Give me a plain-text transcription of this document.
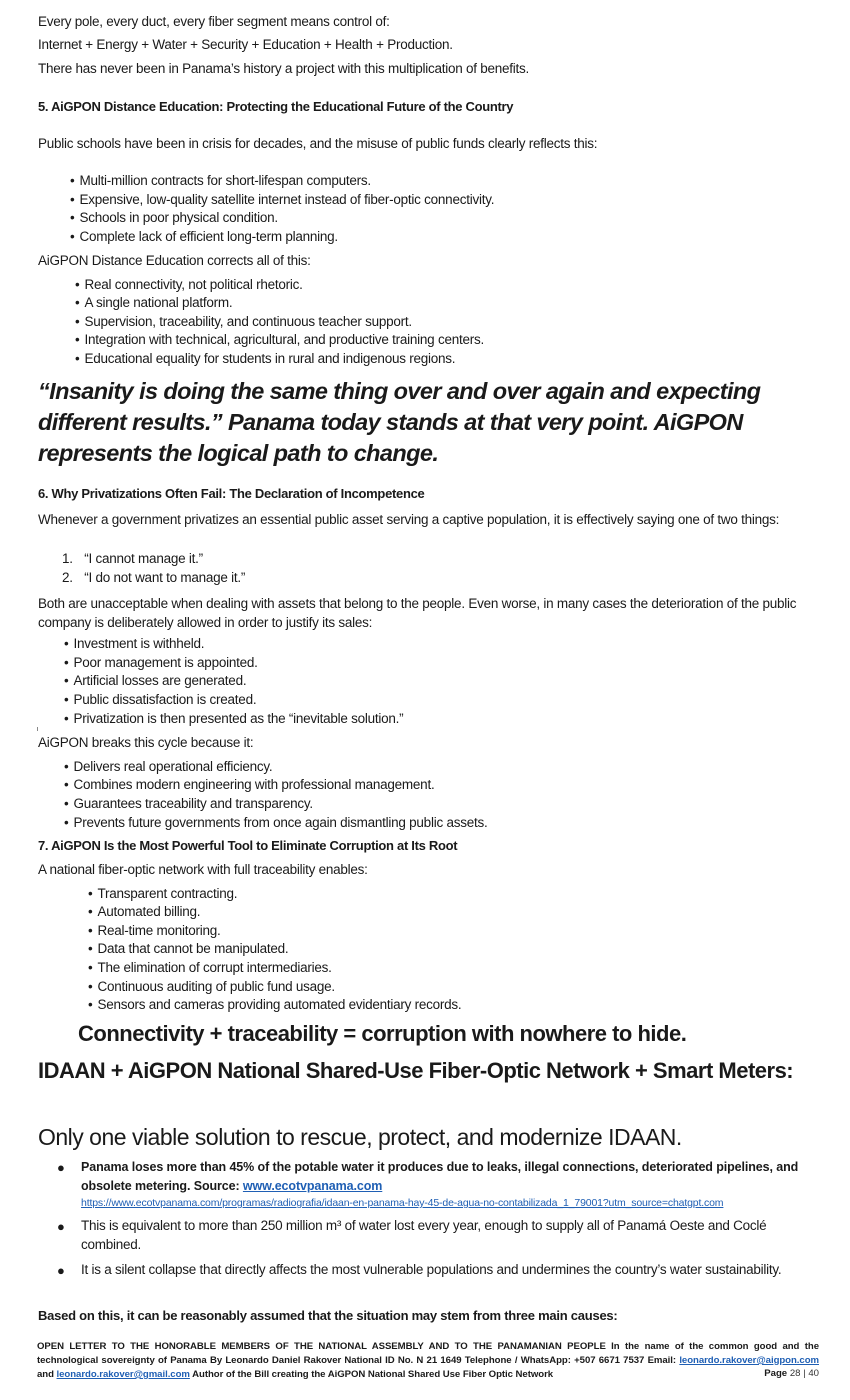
Every pole, every duct, every fiber segment means control of:
Internet + Energy + Water + Security + Education + Health + Production.
There has never been in Panama’s history a project with this multiplication of benefits.
5. AiGPON Distance Education: Protecting the Educational Future of the Country
Public schools have been in crisis for decades, and the misuse of public funds clearly reflects this:
• Multi-million contracts for short-lifespan computers.
• Expensive, low-quality satellite internet instead of fiber-optic connectivity.
• Schools in poor physical condition.
• Complete lack of efficient long-term planning.
AiGPON Distance Education corrects all of this:
• Real connectivity, not political rhetoric.
• A single national platform.
• Supervision, traceability, and continuous teacher support.
• Integration with technical, agricultural, and productive training centers.
• Educational equality for students in rural and indigenous regions.
“Insanity is doing the same thing over and over again and expecting different results.” Panama today stands at that very point. AiGPON represents the logical path to change.
6. Why Privatizations Often Fail: The Declaration of Incompetence
Whenever a government privatizes an essential public asset serving a captive population, it is effectively saying one of two things:
1. “I cannot manage it.”
2. “I do not want to manage it.”
Both are unacceptable when dealing with assets that belong to the people. Even worse, in many cases the deterioration of the public company is deliberately allowed in order to justify its sales:
• Investment is withheld.
• Poor management is appointed.
• Artificial losses are generated.
• Public dissatisfaction is created.
• Privatization is then presented as the “inevitable solution.”
AiGPON breaks this cycle because it:
• Delivers real operational efficiency.
• Combines modern engineering with professional management.
• Guarantees traceability and transparency.
• Prevents future governments from once again dismantling public assets.
7. AiGPON Is the Most Powerful Tool to Eliminate Corruption at Its Root
A national fiber-optic network with full traceability enables:
• Transparent contracting.
• Automated billing.
• Real-time monitoring.
• Data that cannot be manipulated.
• The elimination of corrupt intermediaries.
• Continuous auditing of public fund usage.
• Sensors and cameras providing automated evidentiary records.
Connectivity + traceability = corruption with nowhere to hide.
IDAAN + AiGPON National Shared-Use Fiber-Optic Network + Smart Meters:
Only one viable solution to rescue, protect, and modernize IDAAN.
● Panama loses more than 45% of the potable water it produces due to leaks, illegal connections, deteriorated pipelines, and obsolete metering. Source: www.ecotvpanama.com
https://www.ecotvpanama.com/programas/radiografia/idaan-en-panama-hay-45-de-agua-no-contabilizada_1_79001?utm_source=chatgpt.com
● This is equivalent to more than 250 million m³ of water lost every year, enough to supply all of Panamá Oeste and Coclé combined.
● It is a silent collapse that directly affects the most vulnerable populations and undermines the country’s water sustainability.
Based on this, it can be reasonably assumed that the situation may stem from three main causes:
OPEN LETTER TO THE HONORABLE MEMBERS OF THE NATIONAL ASSEMBLY AND TO THE PANAMANIAN PEOPLE In the name of the common good and the technological sovereignty of Panama By Leonardo Daniel Rakover National ID No. N 21 1649 Telephone / WhatsApp: +507 6671 7537 Email: leonardo.rakover@aigpon.com and leonardo.rakover@gmail.com Author of the Bill creating the AiGPON National Shared Use Fiber Optic Network	Page 28 | 40
